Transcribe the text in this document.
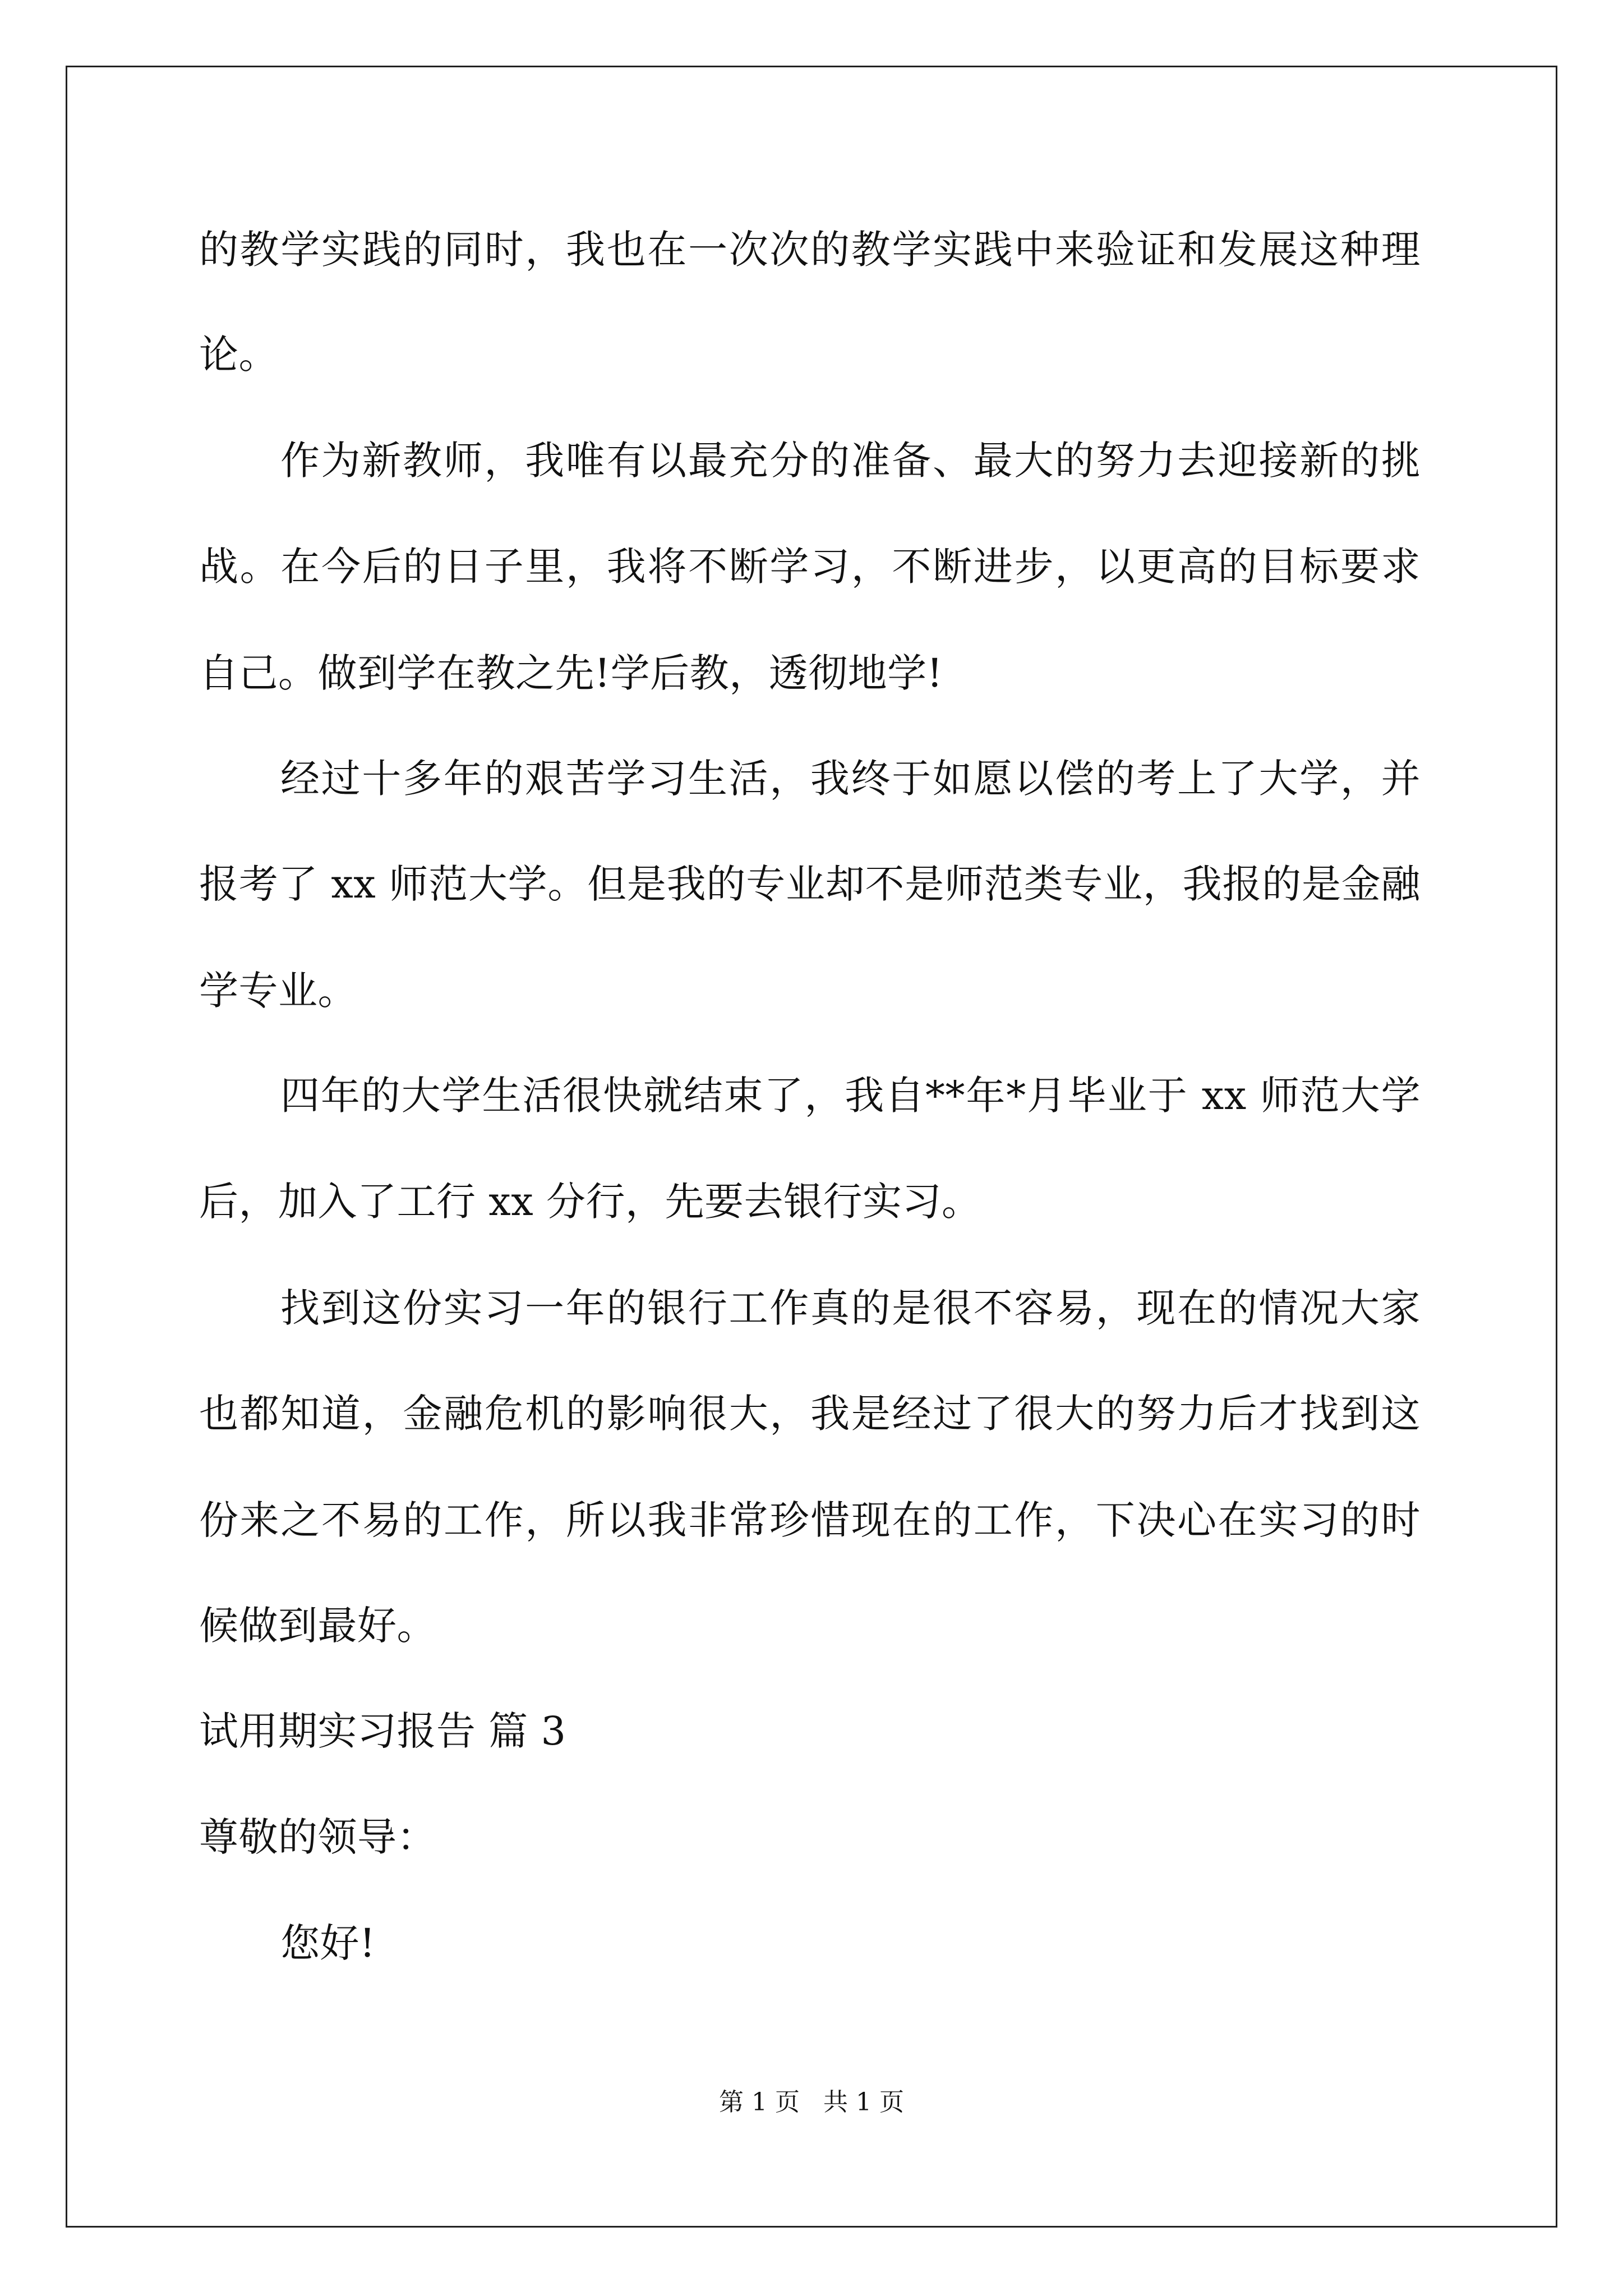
的教学实践的同时，我也在一次次的教学实践中来验证和发展这种理
论。
作为新教师，我唯有以最充分的准备、最大的努力去迎接新的挑
战。在今后的日子里，我将不断学习，不断进步，以更高的目标要求
自己。做到学在教之先!学后教，透彻地学!
经过十多年的艰苦学习生活，我终于如愿以偿的考上了大学，并
报考了 xx 师范大学。但是我的专业却不是师范类专业，我报的是金融
学专业。
四年的大学生活很快就结束了，我自**年*月毕业于 xx 师范大学
后，加入了工行 xx 分行，先要去银行实习。
找到这份实习一年的银行工作真的是很不容易，现在的情况大家
也都知道，金融危机的影响很大，我是经过了很大的努力后才找到这
份来之不易的工作，所以我非常珍惜现在的工作，下决心在实习的时
候做到最好。
试用期实习报告 篇 3
尊敬的领导：
您好!
第 1 页   共 1 页
